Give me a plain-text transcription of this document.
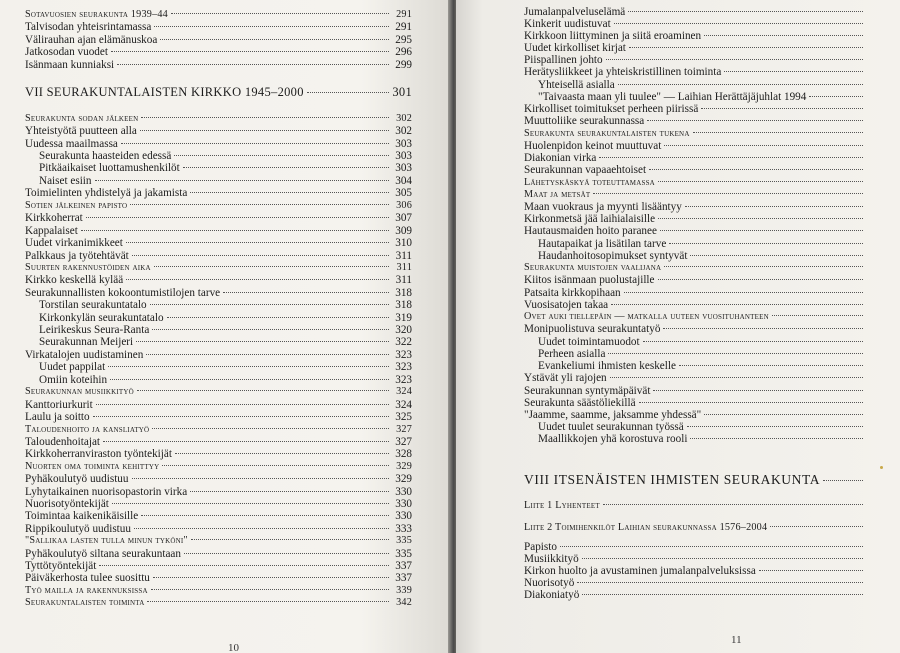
Sotavuosien seurakunta 1939–44	291
Talvisodan yhteisrintamassa	291
Välirauhan ajan elämänuskoa	295
Jatkosodan vuodet	296
Isänmaan kunniaksi	299
VII SEURAKUNTALAISTEN KIRKKO 1945–2000	301
Seurakunta sodan jälkeen	302
Yhteistyötä puutteen alla	302
Uudessa maailmassa	303
Seurakunta haasteiden edessä	303
Pitkäaikaiset luottamushenkilöt	303
Naiset esiin	304
Toimielinten yhdistelyä ja jakamista	305
Sotien jälkeinen papisto	306
Kirkkoherrat	307
Kappalaiset	309
Uudet virkanimikkeet	310
Palkkaus ja työtehtävät	311
Suurten rakennustöiden aika	311
Kirkko keskellä kylää	311
Seurakunnallisten kokoontumistilojen tarve	318
Torstilan seurakuntatalo	318
Kirkonkylän seurakuntatalo	319
Leirikeskus Seura-Ranta	320
Seurakunnan Meijeri	322
Virkatalojen uudistaminen	323
Uudet pappilat	323
Omiin koteihin	323
Seurakunnan musiikkityö	324
Kanttoriurkurit	324
Laulu ja soitto	325
Taloudenhoito ja kansliatyö	327
Taloudenhoitajat	327
Kirkkoherranviraston työntekijät	328
Nuorten oma toiminta kehittyy	329
Pyhäkoulutyö uudistuu	329
Lyhytaikainen nuorisopastorin virka	330
Nuorisotyöntekijät	330
Toimintaa kaikenikäisille	330
Rippikoulutyö uudistuu	333
"Sallikaa lasten tulla minun tyköni"	335
Pyhäkoulutyö siltana seurakuntaan	335
Tyttötyöntekijät	337
Päiväkerhosta tulee suosittu	337
Työ mailla ja rakennuksissa	339
Seurakuntalaisten toiminta	342
10
Jumalanpalveluselämä
Kinkerit uudistuvat
Kirkkoon liittyminen ja siitä eroaminen
Uudet kirkolliset kirjat
Piispallinen johto
Herätysliikkeet ja yhteiskristillinen toiminta
Yhteisellä asialla
"Taivaasta maan yli tuulee" — Laihian Herättäjäjuhlat 1994
Kirkolliset toimitukset perheen piirissä
Muuttoliike seurakunnassa
Seurakunta seurakuntalaisten tukena
Huolenpidon keinot muuttuvat
Diakonian virka
Seurakunnan vapaaehtoiset
Lähetyskäskyä toteuttamassa
Maat ja metsät
Maan vuokraus ja myynti lisääntyy
Kirkonmetsä jää laihialaisille
Hautausmaiden hoito paranee
Hautapaikat ja lisätilan tarve
Haudanhoitosopimukset syntyvät
Seurakunta muistojen vaalijana
Kiitos isänmaan puolustajille
Patsaita kirkkopihaan
Vuosisatojen takaa
Ovet auki tiellepäin — matkalla uuteen vuosituhanteen
Monipuolistuva seurakuntatyö
Uudet toimintamuodot
Perheen asialla
Evankeliumi ihmisten keskelle
Ystävät yli rajojen
Seurakunnan syntymäpäivät
Seurakunta säästöliekillä
"Jaamme, saamme, jaksamme yhdessä"
Uudet tuulet seurakunnan työssä
Maallikkojen yhä korostuva rooli
VIII ITSENÄISTEN IHMISTEN SEURAKUNTA
Liite 1 Lyhenteet
Liite 2 Toimihenkilöt Laihian seurakunnassa 1576–2004
Papisto
Musiikkityö
Kirkon huolto ja avustaminen jumalanpalveluksissa
Nuorisotyö
Diakoniatyö
11
